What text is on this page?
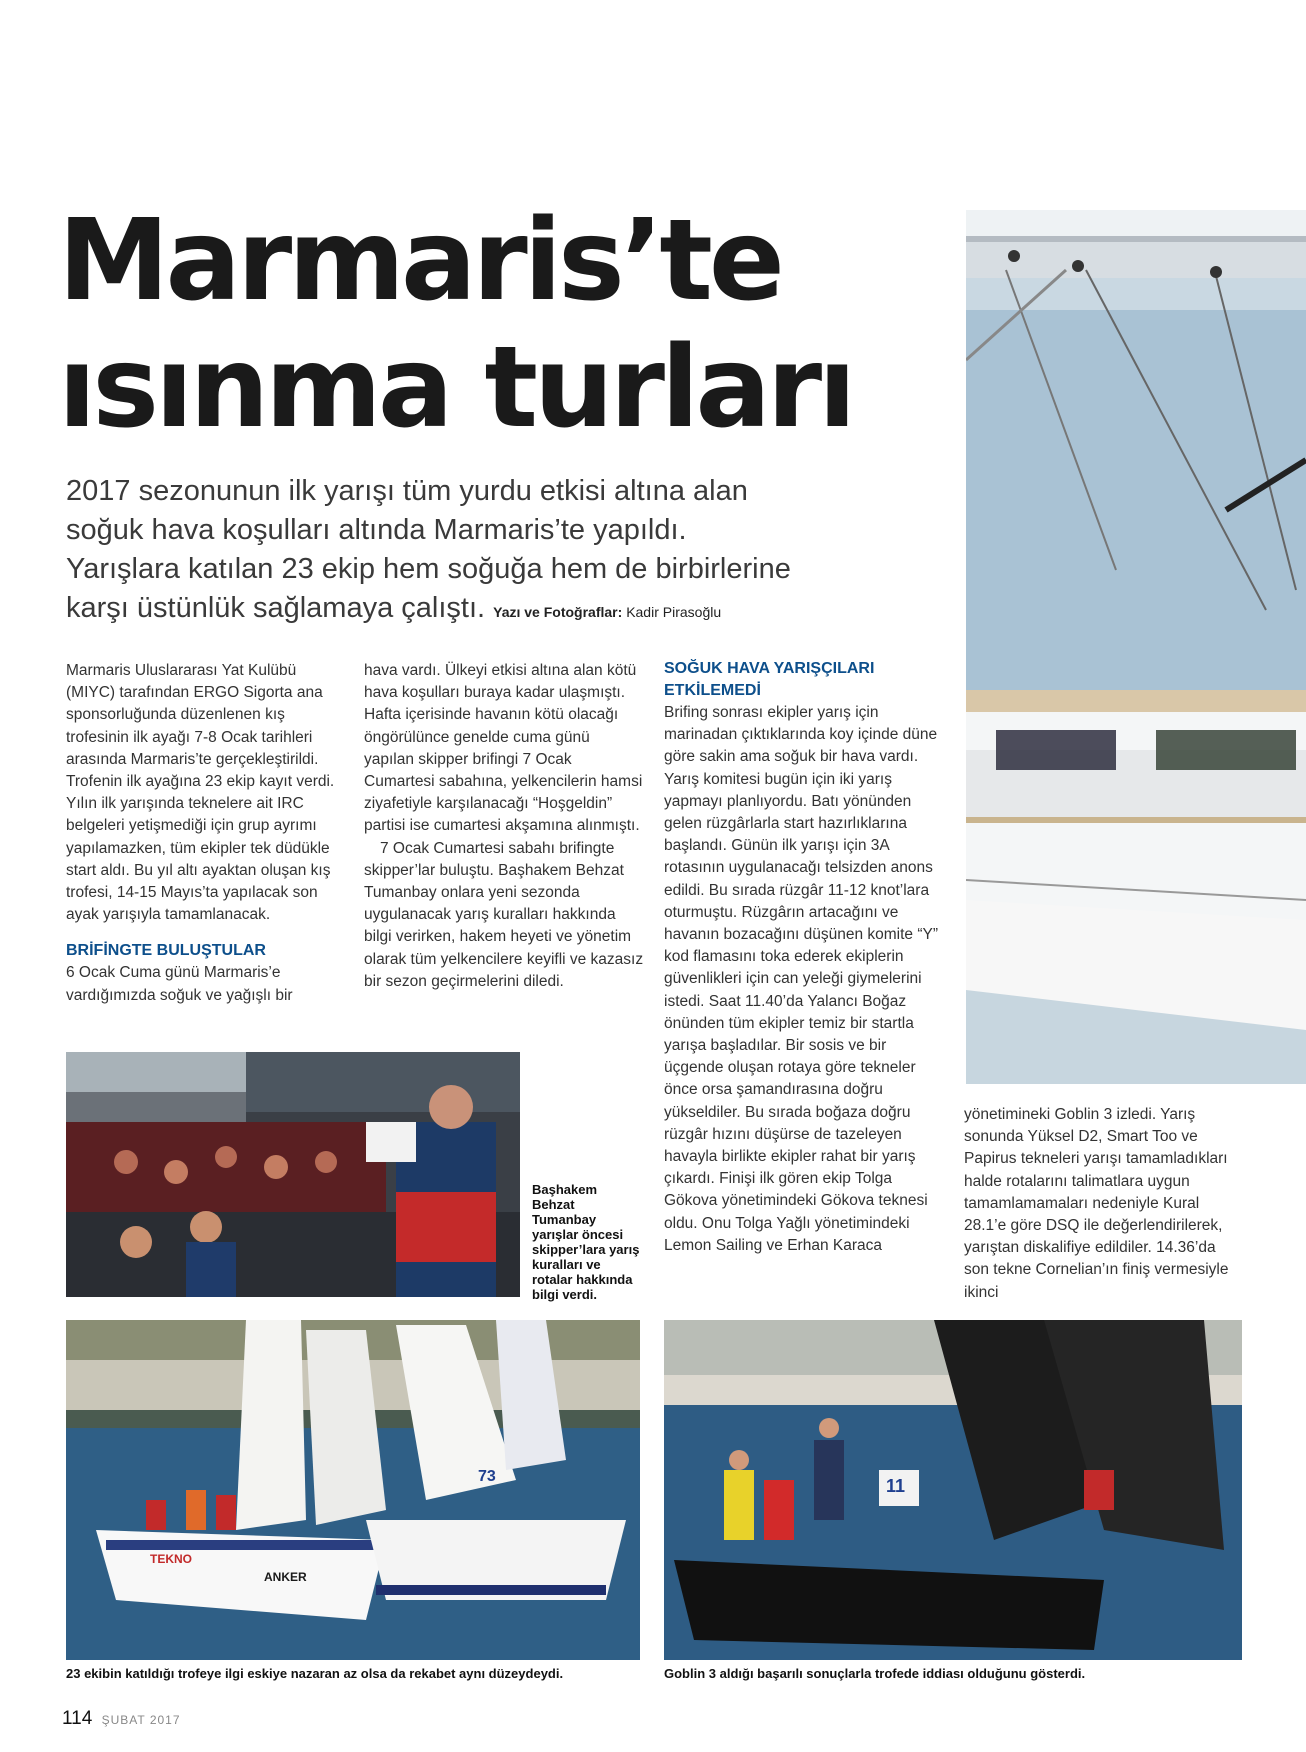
Marmaris’te
ısınma turları
2017 sezonunun ilk yarışı tüm yurdu etkisi altına alan
soğuk hava koşulları altında Marmaris’te yapıldı.
Yarışlara katılan 23 ekip hem soğuğa hem de birbirlerine
karşı üstünlük sağlamaya çalıştı. Yazı ve Fotoğraflar: Kadir Pirasoğlu

Marmaris Uluslararası Yat Kulübü (MIYC) tarafından ERGO Sigorta ana sponsorluğunda düzenlenen kış trofesinin ilk ayağı 7-8 Ocak tarihleri arasında Marmaris’te gerçekleştirildi. Trofenin ilk ayağına 23 ekip kayıt verdi. Yılın ilk yarışında teknelere ait IRC belgeleri yetişmediği için grup ayrımı yapılamazken, tüm ekipler tek düdükle start aldı. Bu yıl altı ayaktan oluşan kış trofesi, 14-15 Mayıs’ta yapılacak son ayak yarışıyla tamamlanacak.

BRİFİNGTE BULUŞTULAR

6 Ocak Cuma günü Marmaris’e vardığımızda soğuk ve yağışlı bir

hava vardı. Ülkeyi etkisi altına alan kötü hava koşulları buraya kadar ulaşmıştı. Hafta içerisinde havanın kötü olacağı öngörülünce genelde cuma günü yapılan skipper brifingi 7 Ocak Cumartesi sabahına, yelkencilerin hamsi ziyafetiyle karşılanacağı “Hoşgeldin” partisi ise cumartesi akşamına alınmıştı.

7 Ocak Cumartesi sabahı brifingte skipper’lar buluştu. Başhakem Behzat Tumanbay onlara yeni sezonda uygulanacak yarış kuralları hakkında bilgi verirken, hakem heyeti ve yönetim olarak tüm yelkencilere keyifli ve kazasız bir sezon geçirmelerini diledi.

SOĞUK HAVA YARIŞÇILARI
ETKİLEMEDİ

Brifing sonrası ekipler yarış için marinadan çıktıklarında koy içinde düne göre sakin ama soğuk bir hava vardı. Yarış komitesi bugün için iki yarış yapmayı planlıyordu. Batı yönünden gelen rüzgârlarla start hazırlıklarına başlandı. Günün ilk yarışı için 3A rotasının uygulanacağı telsizden anons edildi. Bu sırada rüzgâr 11-12 knot’lara oturmuştu. Rüzgârın artacağını ve havanın bozacağını düşünen komite “Y” kod flamasını toka ederek ekiplerin güvenlikleri için can yeleği giymelerini istedi. Saat 11.40’da Yalancı Boğaz önünden tüm ekipler temiz bir startla yarışa başladılar. Bir sosis ve bir üçgende oluşan rotaya göre tekneler önce orsa şamandırasına doğru yükseldiler. Bu sırada boğaza doğru rüzgâr hızını düşürse de tazeleyen havayla birlikte ekipler rahat bir yarış çıkardı. Finişi ilk gören ekip Tolga Gökova yönetimindeki Gökova teknesi oldu. Onu Tolga Yağlı yönetimindeki Lemon Sailing ve Erhan Karaca

yönetimineki Goblin 3 izledi. Yarış sonunda Yüksel D2, Smart Too ve Papirus tekneleri yarışı tamamladıkları halde rotalarını talimatlara uygun tamamlamamaları nedeniyle Kural 28.1’e göre DSQ ile değerlendirilerek, yarıştan diskalifiye edildiler. 14.36’da son tekne Cornelian’ın finiş vermesiyle ikinci

Başhakem Behzat Tumanbay yarışlar öncesi skipper’lara yarış kuralları ve rotalar hakkında bilgi verdi.
TEKNO
ANKER
73
23 ekibin katıldığı trofeye ilgi eskiye nazaran az olsa da rekabet aynı düzeydeydi.
11
Goblin 3 aldığı başarılı sonuçlarla trofede iddiası olduğunu gösterdi.
114 ŞUBAT 2017
